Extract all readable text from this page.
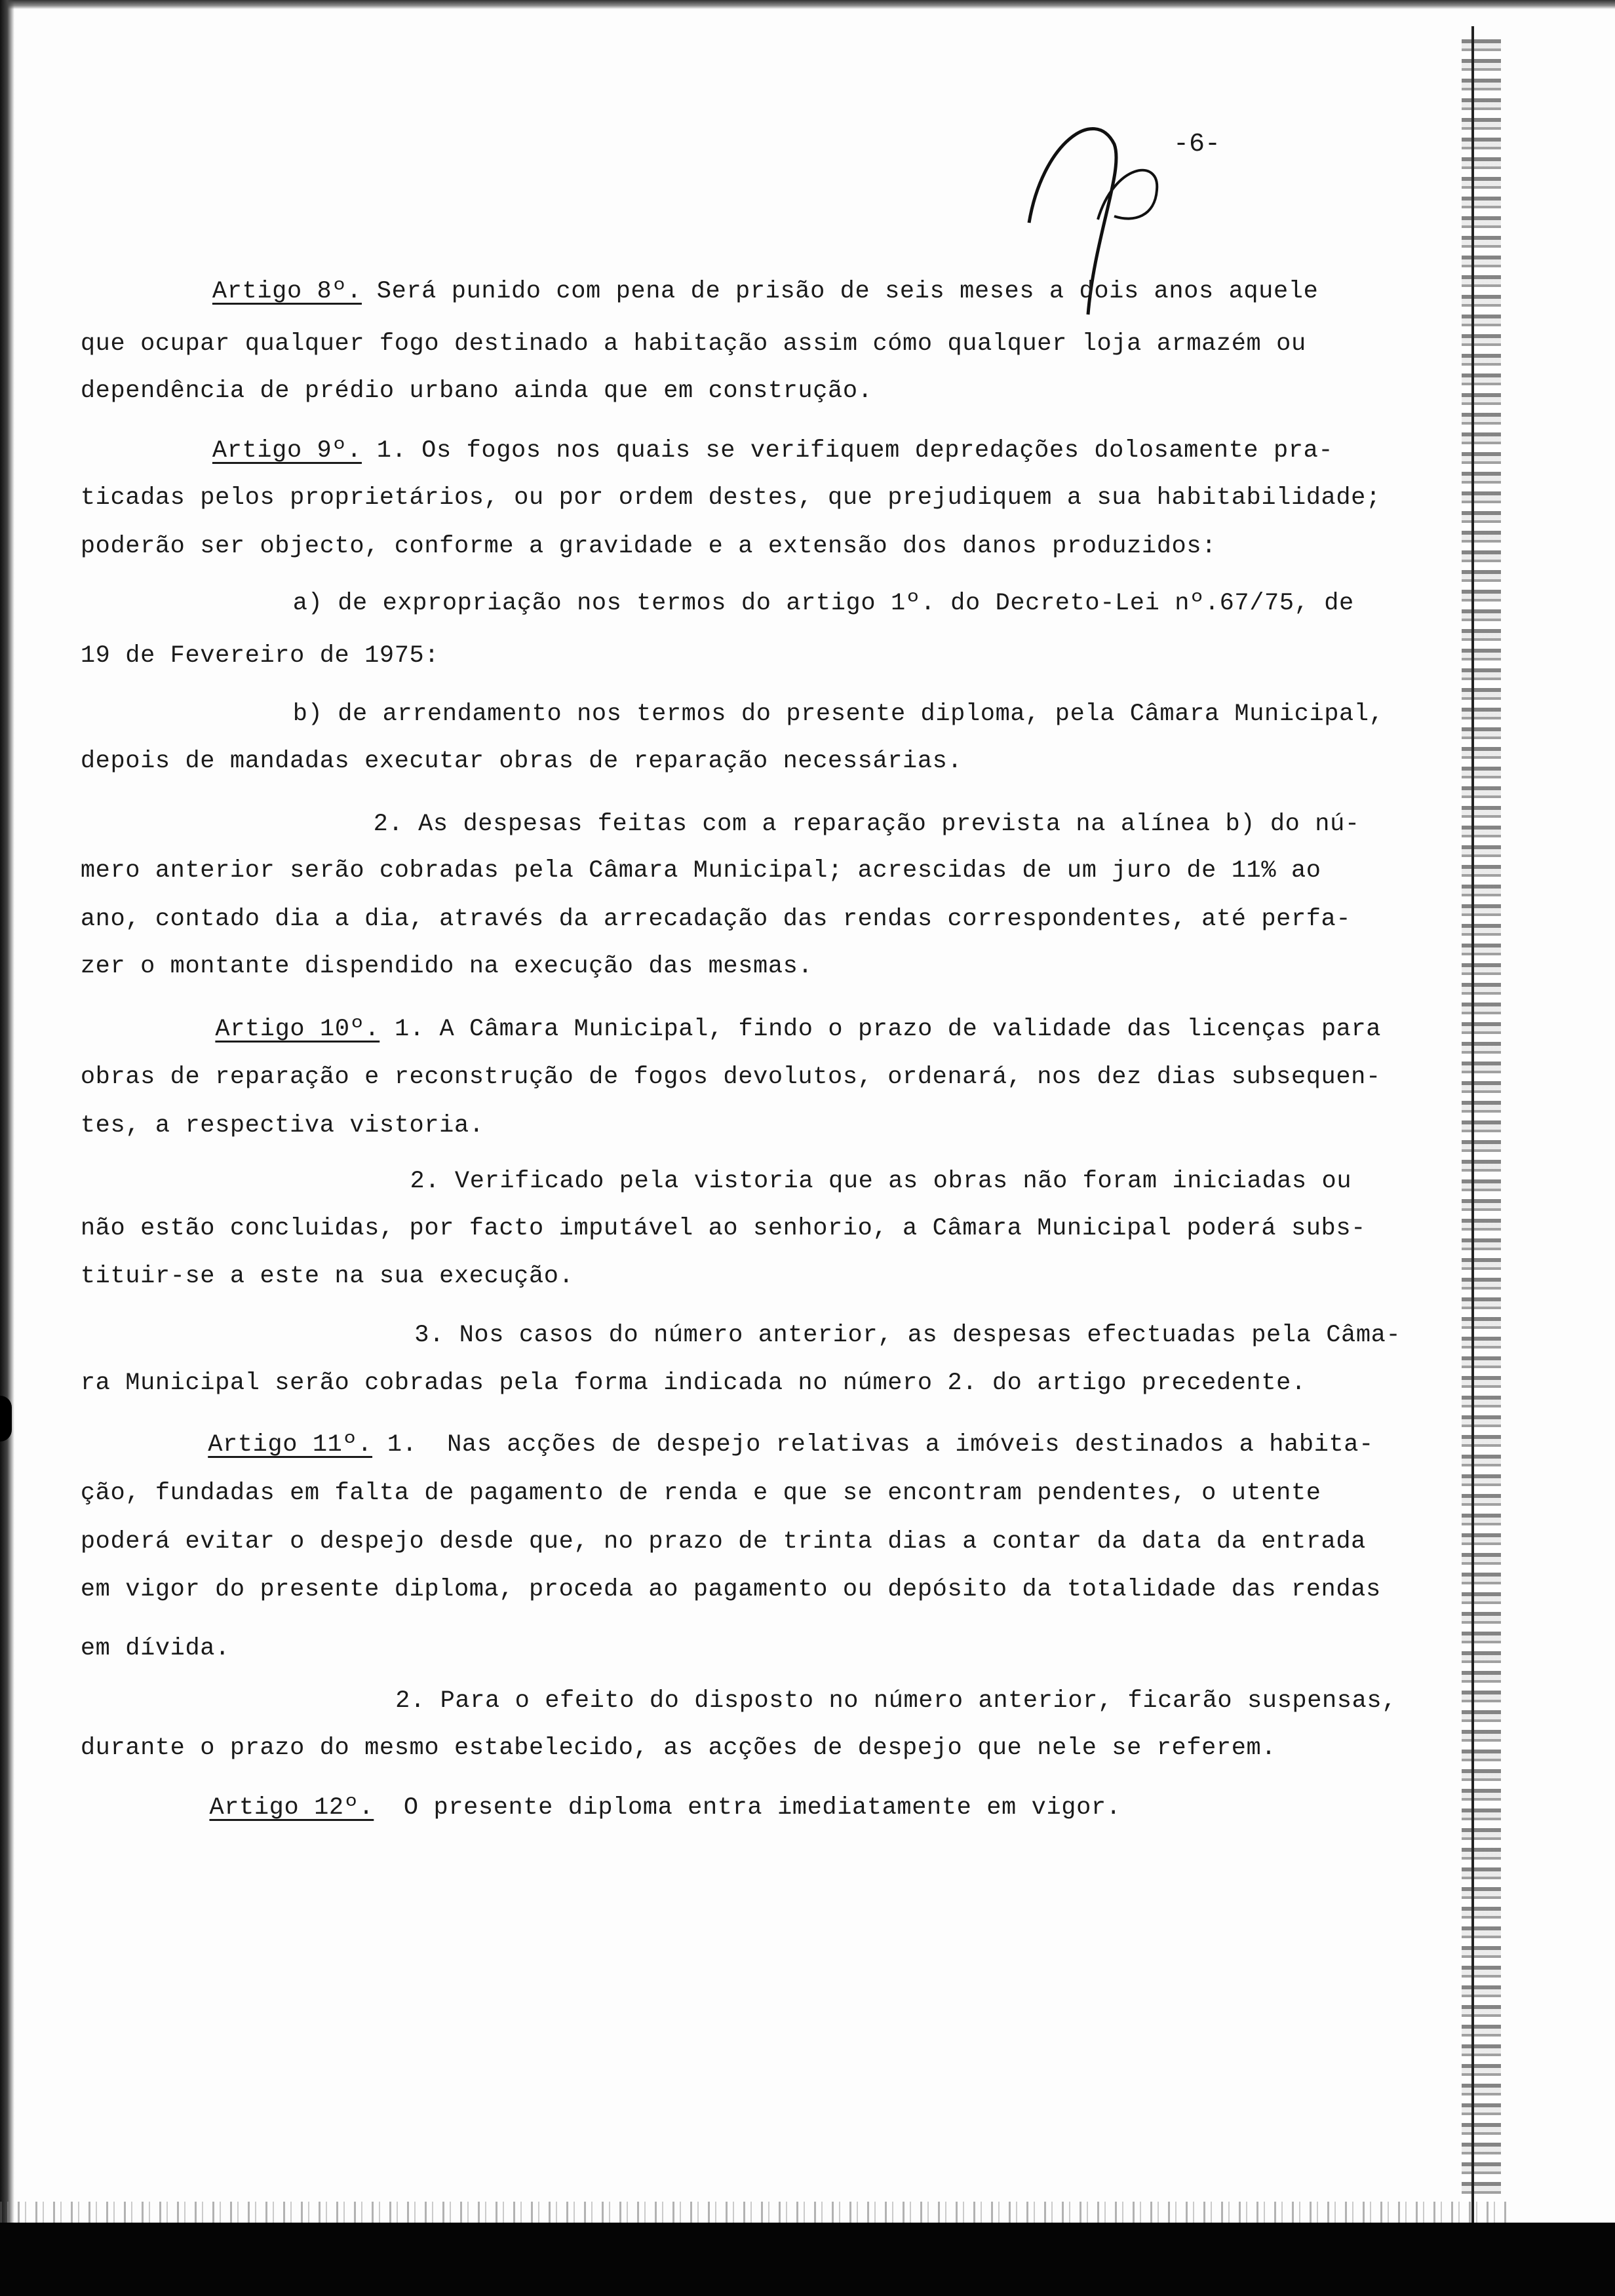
-6-
Artigo 8º. Será punido com pena de prisão de seis meses a dois anos aquele
que ocupar qualquer fogo destinado a habitação assim cómo qualquer loja armazém ou
dependência de prédio urbano ainda que em construção.
Artigo 9º. 1. Os fogos nos quais se verifiquem depredações dolosamente pra-
ticadas pelos proprietários, ou por ordem destes, que prejudiquem a sua habitabilidade;
poderão ser objecto, conforme a gravidade e a extensão dos danos produzidos:
a) de expropriação nos termos do artigo 1º. do Decreto-Lei nº.67/75, de
19 de Fevereiro de 1975:
b) de arrendamento nos termos do presente diploma, pela Câmara Municipal,
depois de mandadas executar obras de reparação necessárias.
2. As despesas feitas com a reparação prevista na alínea b) do nú-
mero anterior serão cobradas pela Câmara Municipal; acrescidas de um juro de 11% ao
ano, contado dia a dia, através da arrecadação das rendas correspondentes, até perfa-
zer o montante dispendido na execução das mesmas.
Artigo 10º. 1. A Câmara Municipal, findo o prazo de validade das licenças para
obras de reparação e reconstrução de fogos devolutos, ordenará, nos dez dias subsequen-
tes, a respectiva vistoria.
2. Verificado pela vistoria que as obras não foram iniciadas ou
não estão concluidas, por facto imputável ao senhorio, a Câmara Municipal poderá subs-
tituir-se a este na sua execução.
3. Nos casos do número anterior, as despesas efectuadas pela Câma-
ra Municipal serão cobradas pela forma indicada no número 2. do artigo precedente.
Artigo 11º. 1.  Nas acções de despejo relativas a imóveis destinados a habita-
ção, fundadas em falta de pagamento de renda e que se encontram pendentes, o utente
poderá evitar o despejo desde que, no prazo de trinta dias a contar da data da entrada
em vigor do presente diploma, proceda ao pagamento ou depósito da totalidade das rendas
em dívida.
2. Para o efeito do disposto no número anterior, ficarão suspensas,
durante o prazo do mesmo estabelecido, as acções de despejo que nele se referem.
Artigo 12º.  O presente diploma entra imediatamente em vigor.
